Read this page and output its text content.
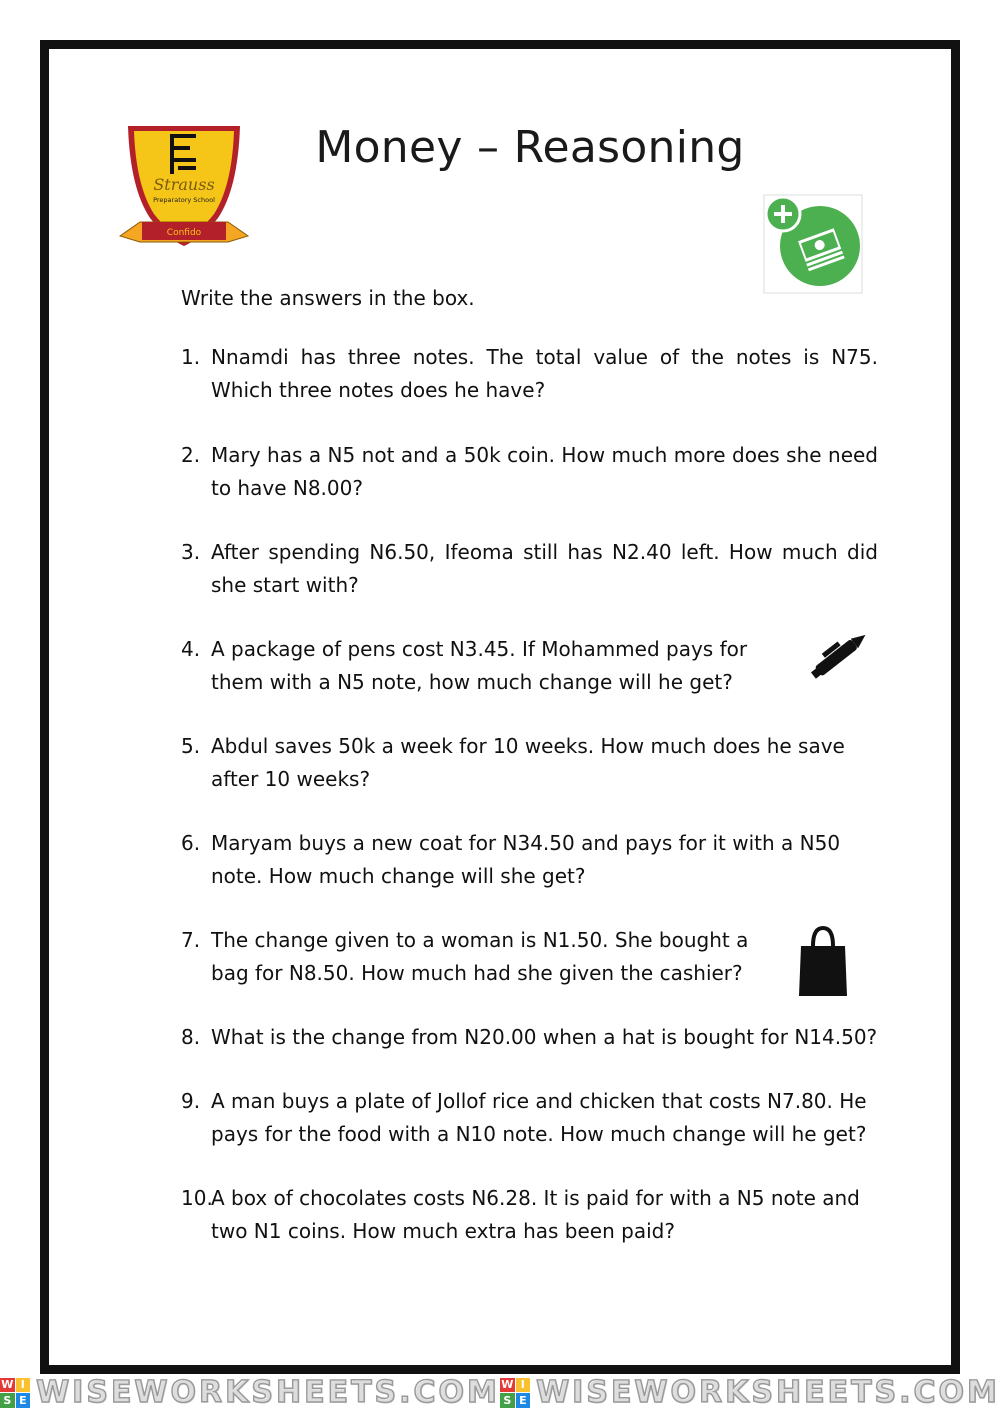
Strauss
Preparatory School
Confido
Money – Reasoning
Write the answers in the box.
1. Nnamdi has three notes. The total value of the notes is N75. Which three notes does he have?
2. Mary has a N5 not and a 50k coin. How much more does she need to have N8.00?
3. After spending N6.50, Ifeoma still has N2.40 left. How much did she start with?
4. A package of pens cost N3.45. If Mohammed pays for them with a N5 note, how much change will he get?
5. Abdul saves 50k a week for 10 weeks. How much does he save after 10 weeks?
6. Maryam buys a new coat for N34.50 and pays for it with a N50 note. How much change will she get?
7. The change given to a woman is N1.50. She bought a bag for N8.50. How much had she given the cashier?
8. What is the change from N20.00 when a hat is bought for N14.50?
9. A man buys a plate of Jollof rice and chicken that costs N7.80. He pays for the food with a N10 note. How much change will he get?
10.
A box of chocolates costs N6.28. It is paid for with a N5 note and two N1 coins. How much extra has been paid?
W I
S E WISEWORKSHEETS.COM W I
S E WISEWORKSHEETS.COM
